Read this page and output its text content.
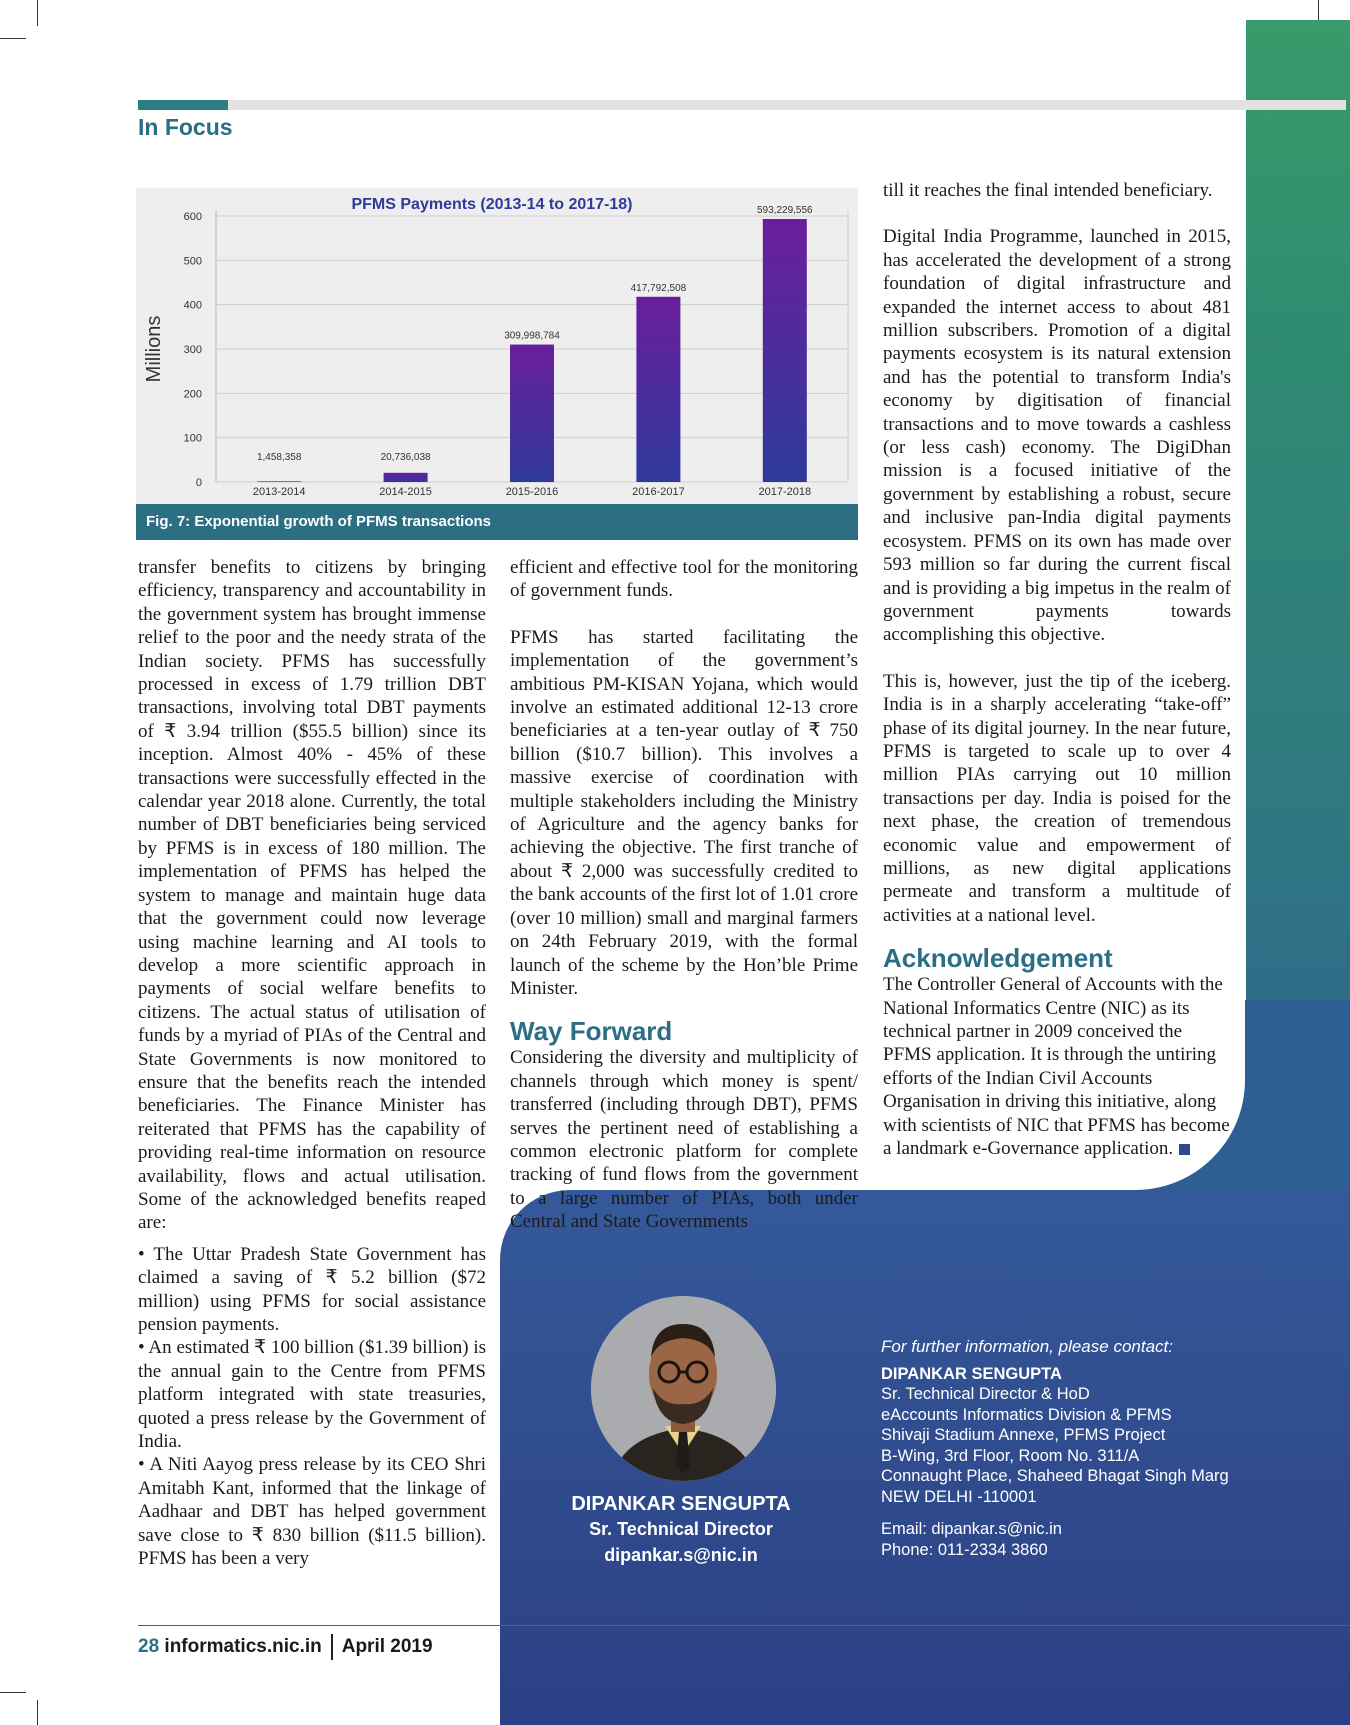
In Focus
0
100
200
300
400
500
600
2013-2014
1,458,358
2014-2015
20,736,038
2015-2016
309,998,784
2016-2017
417,792,508
2017-2018
593,229,556
PFMS Payments (2013-14 to 2017-18)
Millions
Fig. 7: Exponential growth of PFMS transactions

transfer benefits to citizens by bringing efficiency, transparency and accountability in the government system has brought immense relief to the poor and the needy strata of the Indian society. PFMS has successfully processed in excess of 1.79 trillion DBT transactions, involving total DBT payments of ₹ 3.94 trillion ($55.5 billion) since its inception. Almost 40% - 45% of these transactions were successfully effected in the calendar year 2018 alone. Currently, the total number of DBT beneficiaries being serviced by PFMS is in excess of 180 million. The implementation of PFMS has helped the system to manage and maintain huge data that the government could now leverage using machine learning and AI tools to develop a more scientific approach in payments of social welfare benefits to citizens. The actual status of utilisation of funds by a myriad of PIAs of the Central and State Governments is now monitored to ensure that the benefits reach the intended beneficiaries. The Finance Minister has reiterated that PFMS has the capability of providing real-time information on resource availability, flows and actual utilisation. Some of the acknowledged benefits reaped are:

• The Uttar Pradesh State Government has claimed a saving of ₹ 5.2 billion ($72 million) using PFMS for social assistance pension payments.
• An estimated ₹ 100 billion ($1.39 billion) is the annual gain to the Centre from PFMS platform integrated with state treasuries, quoted a press release by the Government of India.
• A Niti Aayog press release by its CEO Shri Amitabh Kant, informed that the linkage of Aadhaar and DBT has helped government save close to ₹ 830 billion ($11.5 billion). PFMS has been a very

efficient and effective tool for the monitoring of government funds.

PFMS has started facilitating the implementation of the government’s ambitious PM-KISAN Yojana, which would involve an estimated additional 12-13 crore beneficiaries at a ten-year outlay of ₹ 750 billion ($10.7 billion). This involves a massive exercise of coordination with multiple stakeholders including the Ministry of Agriculture and the agency banks for achieving the objective. The first tranche of about ₹ 2,000 was successfully credited to the bank accounts of the first lot of 1.01 crore (over 10 million) small and marginal farmers on 24th February 2019, with the formal launch of the scheme by the Hon’ble Prime Minister.

Way Forward

Considering the diversity and multiplicity of channels through which money is spent/ transferred (including through DBT), PFMS serves the pertinent need of establishing a common electronic platform for complete tracking of fund flows from the government to a large number of PIAs, both under Central and State Governments

till it reaches the final intended beneficiary.

Digital India Programme, launched in 2015, has accelerated the development of a strong foundation of digital infrastructure and expanded the internet access to about 481 million subscribers. Promotion of a digital payments ecosystem is its natural extension and has the potential to transform India's economy by digitisation of financial transactions and to move towards a cashless (or less cash) economy. The DigiDhan mission is a focused initiative of the government by establishing a robust, secure and inclusive pan-India digital payments ecosystem. PFMS on its own has made over 593 million so far during the current fiscal and is providing a big impetus in the realm of government payments towards accomplishing this objective.

This is, however, just the tip of the iceberg. India is in a sharply accelerating “take-off” phase of its digital journey. In the near future, PFMS is targeted to scale up to over 4 million PIAs carrying out 10 million transactions per day. India is poised for the next phase, the creation of tremendous economic value and empowerment of millions, as new digital applications permeate and transform a multitude of activities at a national level.

Acknowledgement

The Controller General of Accounts with the National Informatics Centre (NIC) as its technical partner in 2009 conceived the PFMS application. It is through the untiring efforts of the Indian Civil Accounts Organisation in driving this initiative, along with scientists of NIC that PFMS has become a landmark e-Governance application.

DIPANKAR SENGUPTA
Sr. Technical Director
dipankar.s@nic.in
For further information, please contact:
DIPANKAR SENGUPTA
Sr. Technical Director & HoD
eAccounts Informatics Division & PFMS
Shivaji Stadium Annexe, PFMS Project
B-Wing, 3rd Floor, Room No. 311/A
Connaught Place, Shaheed Bhagat Singh Marg
NEW DELHI -110001
Email: dipankar.s@nic.in
Phone: 011-2334 3860
28 informatics.nic.in April 2019
